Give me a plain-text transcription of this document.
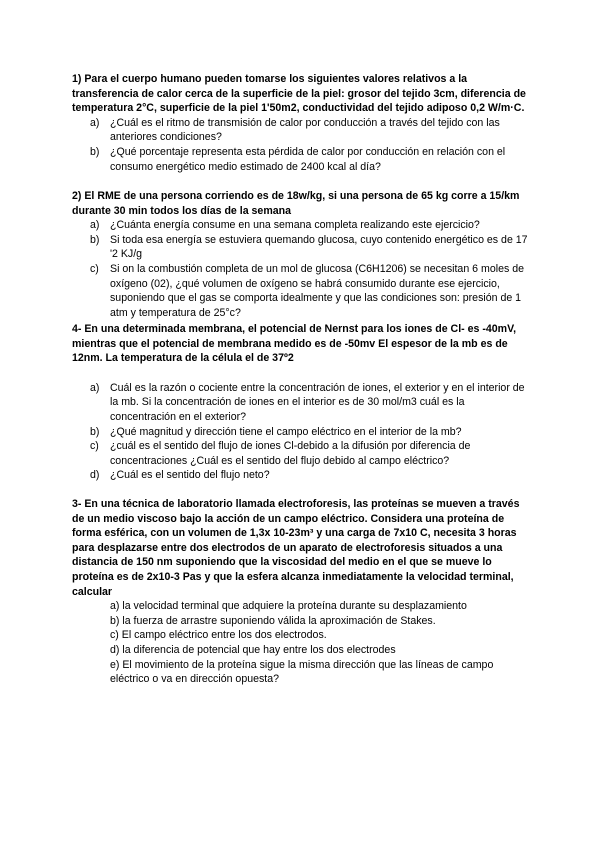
1) Para el cuerpo humano pueden tomarse los siguientes valores relativos a la transferencia de calor cerca de la superficie de la piel: grosor del tejido 3cm, diferencia de temperatura 2°C, superficie de la piel 1'50m2, conductividad del tejido adiposo 0,2 W/m·C.

a) ¿Cuál es el ritmo de transmisión de calor por conducción a través del tejido con las anteriores condiciones?
b) ¿Qué porcentaje representa esta pérdida de calor por conducción en relación con el consumo energético medio estimado de 2400 kcal al día?

2) El RME de una persona corriendo es de 18w/kg, si una persona de 65 kg corre a 15/km durante 30 min todos los días de la semana

a) ¿Cuánta energía consume en una semana completa realizando este ejercicio?
b) Si toda esa energía se estuviera quemando glucosa, cuyo contenido energético es de 17 '2 KJ/g
c) Si on la combustión completa de un mol de glucosa (C6H1206) se necesitan 6 moles de oxígeno (02), ¿qué volumen de oxígeno se habrá consumido durante ese ejercicio, suponiendo que el gas se comporta idealmente y que las condiciones son: presión de 1 atm y temperatura de 25°c?

4- En una determinada membrana, el potencial de Nernst para los iones de Cl- es -40mV, mientras que el potencial de membrana medido es de -50mv El espesor de la mb es de 12nm. La temperatura de la célula el de 37º2

a) Cuál es la razón o cociente entre la concentración de iones, el exterior y en el interior de la mb. Si la concentración de iones en el interior es de 30 mol/m3 cuál es la concentración en el exterior?
b) ¿Qué magnitud y dirección tiene el campo eléctrico en el interior de la mb?
c) ¿cuál es el sentido del flujo de iones Cl-debido a la difusión por diferencia de concentraciones ¿Cuál es el sentido del flujo debido al campo eléctrico?
d) ¿Cuál es el sentido del flujo neto?

3- En una técnica de laboratorio llamada electroforesis, las proteínas se mueven a través de un medio viscoso bajo la acción de un campo eléctrico. Considera una proteína de forma esférica, con un volumen de 1,3x 10-23m³ y una carga de 7x10 C, necesita 3 horas para desplazarse entre dos electrodos de un aparato de electroforesis situados a una distancia de 150 nm suponiendo que la viscosidad del medio en el que se mueve lo proteína es de 2x10-3 Pas y que la esfera alcanza inmediatamente la velocidad terminal, calcular

a) la velocidad terminal que adquiere la proteína durante su desplazamiento

b) la fuerza de arrastre suponiendo válida la aproximación de Stakes.

c) El campo eléctrico entre los dos electrodos.

d) la diferencia de potencial que hay entre los dos electrodes

e) El movimiento de la proteína sigue la misma dirección que las líneas de campo eléctrico o va en dirección opuesta?
